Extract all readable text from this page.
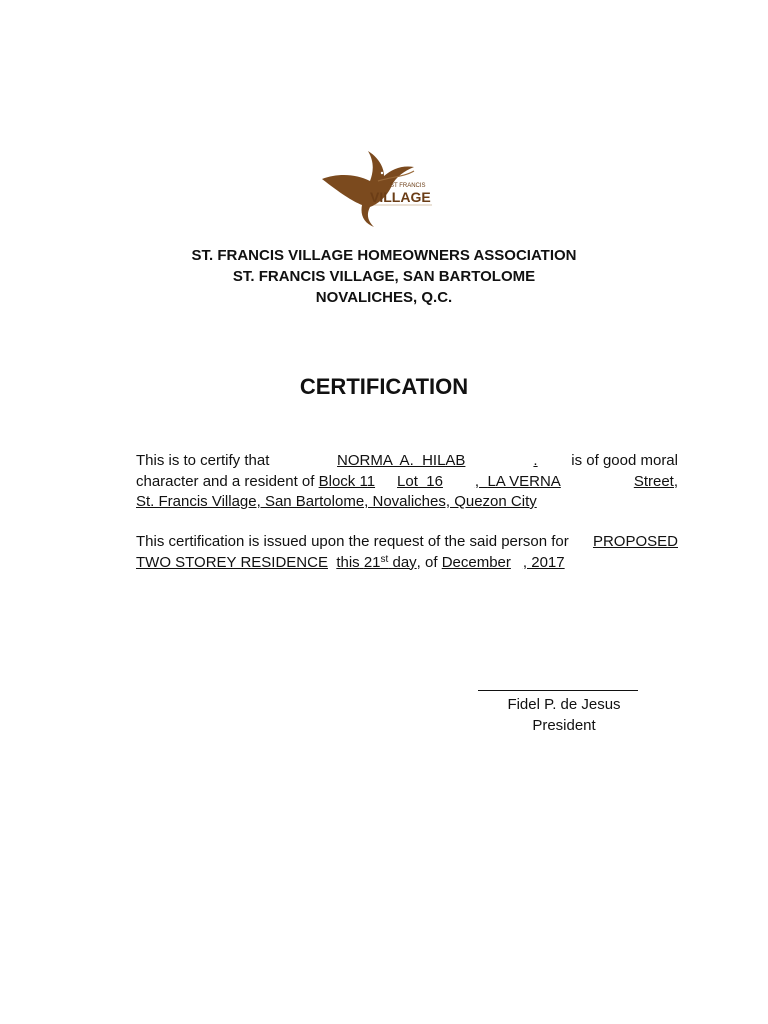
ST FRANCIS
VILLAGE
ST. FRANCIS VILLAGE HOMEOWNERS ASSOCIATION
ST. FRANCIS VILLAGE, SAN BARTOLOME
NOVALICHES, Q.C.
CERTIFICATION
This is to certify that	NORMA  A.  HILAB	. is of good moral
character and a resident of
Block 11 Lot  16 ,  LA VERNA	Street,
St. Francis Village, San Bartolome, Novaliches, Quezon City
This certification is issued upon the request of the said person for PROPOSED
TWO STOREY RESIDENCE
this 21st day , of
December , 2017
Fidel P. de Jesus
President
